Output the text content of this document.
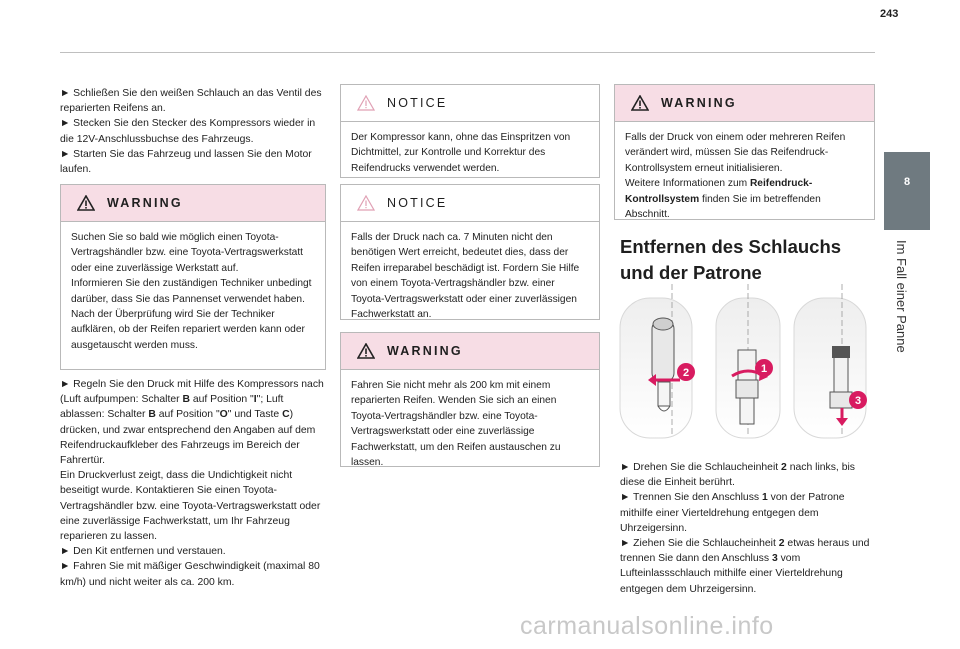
243
8
Im Fall einer Panne

► Schließen Sie den weißen Schlauch an das Ventil des reparierten Reifens an.

► Stecken Sie den Stecker des Kompressors wieder in die 12V-Anschlussbuchse des Fahrzeugs.

► Starten Sie das Fahrzeug und lassen Sie den Motor laufen.

WARNING

Suchen Sie so bald wie möglich einen Toyota-Vertragshändler bzw. eine Toyota-Vertragswerkstatt oder eine zuverlässige Werkstatt auf.

Informieren Sie den zuständigen Techniker unbedingt darüber, dass Sie das Pannenset verwendet haben. Nach der Überprüfung wird Sie der Techniker aufklären, ob der Reifen repariert werden kann oder ausgetauscht werden muss.

► Regeln Sie den Druck mit Hilfe des Kompressors nach (Luft aufpumpen: Schalter B auf Position "I"; Luft ablassen: Schalter B auf Position "O" und Taste C) drücken, und zwar entsprechend den Angaben auf dem Reifendruckaufkleber des Fahrzeugs im Bereich der Fahrertür.

Ein Druckverlust zeigt, dass die Undichtigkeit nicht beseitigt wurde. Kontaktieren Sie einen Toyota-Vertragshändler bzw. eine Toyota-Vertragswerkstatt oder eine zuverlässige Fachwerkstatt, um Ihr Fahrzeug reparieren zu lassen.

► Den Kit entfernen und verstauen.

► Fahren Sie mit mäßiger Geschwindigkeit (maximal 80 km/h) und nicht weiter als ca. 200 km.

NOTICE
Der Kompressor kann, ohne das Einspritzen von Dichtmittel, zur Kontrolle und Korrektur des Reifendrucks verwendet werden.
NOTICE
Falls der Druck nach ca. 7 Minuten nicht den benötigen Wert erreicht, bedeutet dies, dass der Reifen irreparabel beschädigt ist. Fordern Sie Hilfe von einem Toyota-Vertragshändler bzw. einer Toyota-Vertragswerkstatt oder einer zuverlässigen Fachwerkstatt an.
WARNING
Fahren Sie nicht mehr als 200 km mit einem reparierten Reifen. Wenden Sie sich an einen Toyota-Vertragshändler bzw. eine Toyota-Vertragswerkstatt oder eine zuverlässige Fachwerkstatt, um den Reifen austauschen zu lassen.
WARNING

Falls der Druck von einem oder mehreren Reifen verändert wird, müssen Sie das Reifendruck-Kontrollsystem erneut initialisieren.

Weitere Informationen zum Reifendruck-Kontrollsystem finden Sie im betreffenden Abschnitt.

Entfernen des Schlauchs und der Patrone
2	1
3

► Drehen Sie die Schlaucheinheit 2 nach links, bis diese die Einheit berührt.

► Trennen Sie den Anschluss 1 von der Patrone mithilfe einer Vierteldrehung entgegen dem Uhrzeigersinn.

► Ziehen Sie die Schlaucheinheit 2 etwas heraus und trennen Sie dann den Anschluss 3 vom Lufteinlassschlauch mithilfe einer Vierteldrehung entgegen dem Uhrzeigersinn.

carmanualsonline.info
